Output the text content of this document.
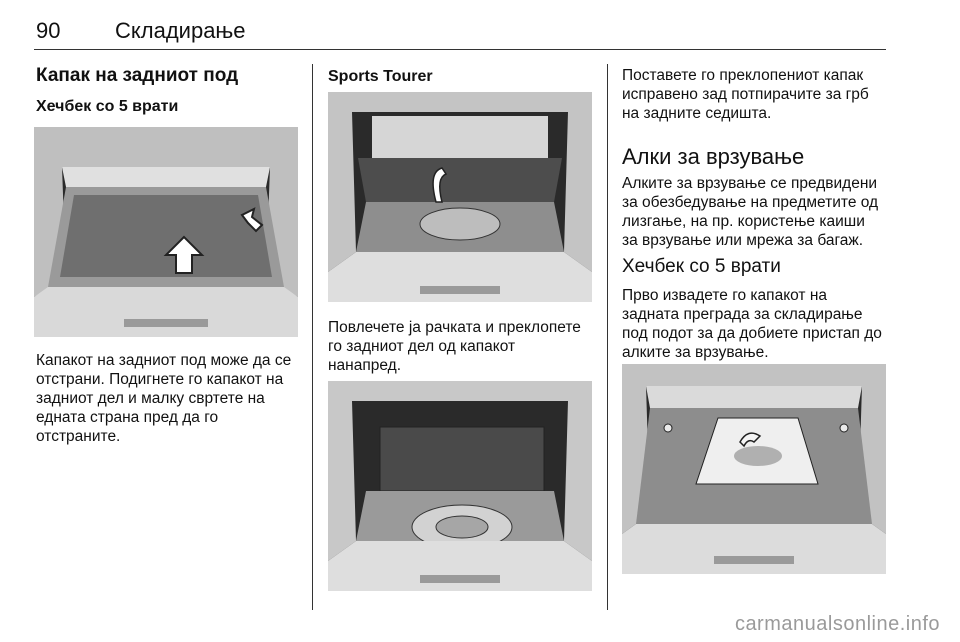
90 Складирање
Капак на задниот под
Хечбек со 5 врати
Капакот на задниот под може да се
отстрани. Подигнете го капакот на
задниот дел и малку свртете на
едната страна пред да го
отстраните.
Sports Tourer
Повлечете ја рачката и преклопете
го задниот дел од капакот
нанапред.
Поставете го преклопениот капак
исправено зад потпирачите за грб
на задните седишта.
Алки за врзување
Алките за врзување се предвидени
за обезбедување на предметите од
лизгање, на пр. користење каиши
за врзување или мрежа за багаж.
Хечбек со 5 врати
Прво извадете го капакот на
задната преграда за складирање
под подот за да добиете пристап до
алките за врзување.
carmanualsonline.info
